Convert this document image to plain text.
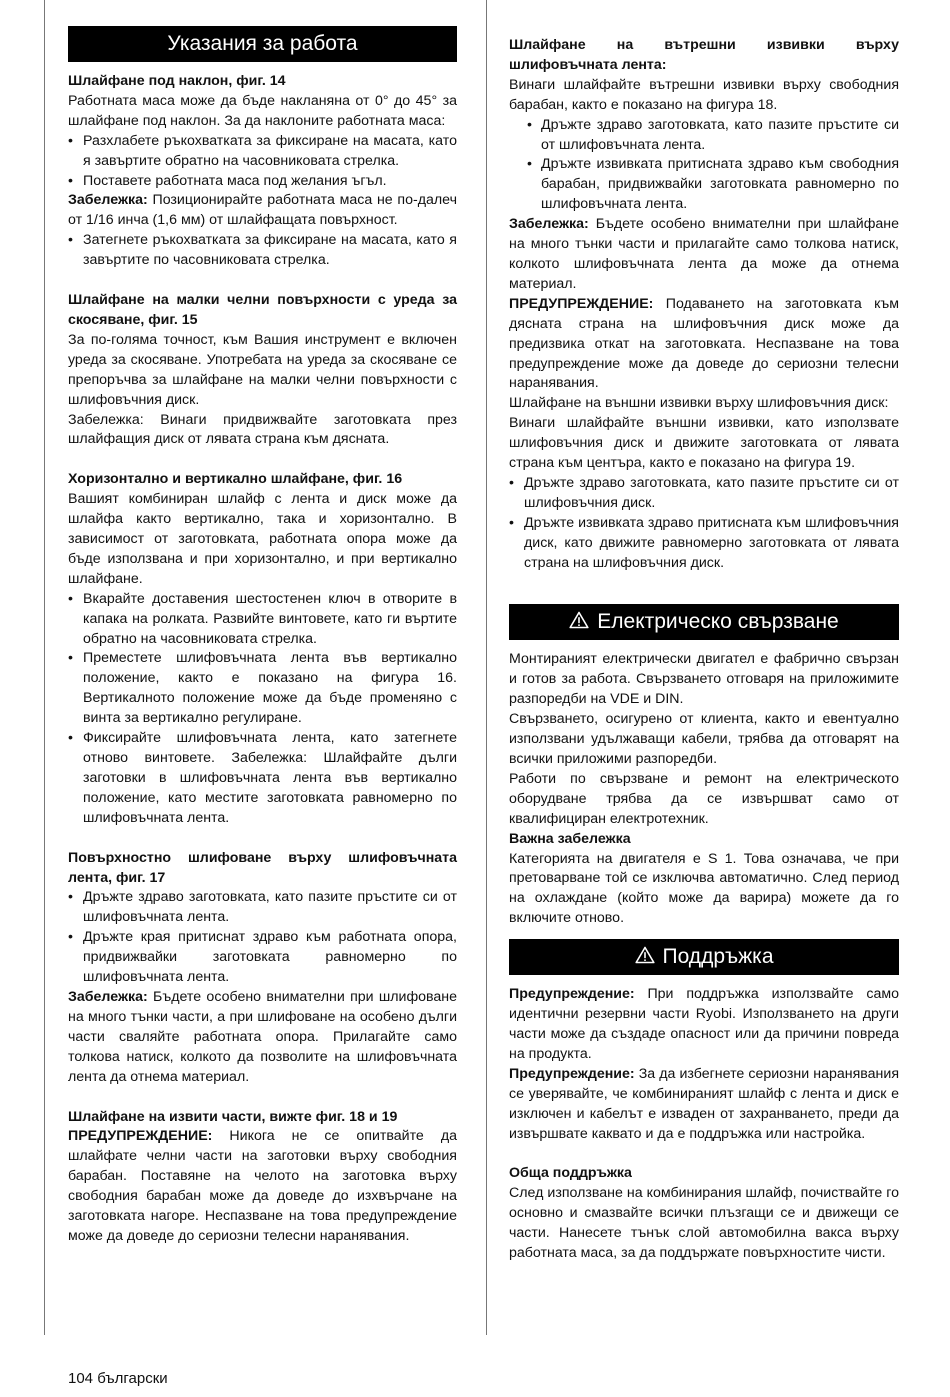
Указания за работа

Шлайфане под наклон, фиг. 14

Работната маса може да бъде накланяна от 0° до 45° за шлайфане под наклон. За да наклоните работната маса:

• Разхлабете ръкохватката за фиксиране на масата, като я завъртите обратно на часовниковата стрелка.
• Поставете работната маса под желания ъгъл.

Забележка: Позиционирайте работната маса не по-далеч от 1/16 инча (1,6 мм) от шлайфащата повърхност.

• Затегнете ръкохватката за фиксиране на масата, като я завъртите по часовниковата стрелка.

Шлайфане на малки челни повърхности с уреда за скосяване, фиг. 15

За по-голяма точност, към Вашия инструмент е включен уреда за скосяване. Употребата на уреда за скосяване се препоръчва за шлайфане на малки челни повърхности с шлифовъчния диск.

Забележка: Винаги придвижвайте заготовката през шлайфащия диск от лявата страна към дясната.

Хоризонтално и вертикално шлайфане, фиг. 16

Вашият комбиниран шлайф с лента и диск може да шлайфа както вертикално, така и хоризонтално. В зависимост от заготовката, работната опора може да бъде използвана и при хоризонтално, и при вертикално шлайфане.

• Вкарайте доставения шестостенен ключ в отворите в капака на ролката. Развийте винтовете, като ги въртите обратно на часовниковата стрелка.
• Преместете шлифовъчната лента във вертикално положение, както е показано на фигура 16. Вертикалното положение може да бъде променяно с винта за вертикално регулиране.
• Фиксирайте шлифовъчната лента, като затегнете отново винтовете. Забележка: Шлайфайте дълги заготовки в шлифовъчната лента във вертикално положение, като местите заготовката равномерно по шлифовъчната лента.

Повърхностно шлифоване върху шлифовъчната лента, фиг. 17

• Дръжте здраво заготовката, като пазите пръстите си от шлифовъчната лента.
• Дръжте края притиснат здраво към работната опора, придвижвайки заготовката равномерно по шлифовъчната лента.

Забележка: Бъдете особено внимателни при шлифоване на много тънки части, а при шлифоване на особено дълги части сваляйте работната опора. Прилагайте само толкова натиск, колкото да позволите на шлифовъчната лента да отнема материал.

Шлайфане на извити части, вижте фиг. 18 и 19

ПРЕДУПРЕЖДЕНИЕ: Никога не се опитвайте да шлайфате челни части на заготовки върху свободния барабан. Поставяне на челото на заготовка върху свободния барабан може да доведе до изхвърчане на заготовката нагоре. Неспазване на това предупреждение може да доведе до сериозни телесни наранявания.

Шлайфане на вътрешни извивки върху шлифовъчната лента:

Винаги шлайфайте вътрешни извивки върху свободния барабан, както е показано на фигура 18.

• Дръжте здраво заготовката, като пазите пръстите си от шлифовъчната лента.
• Дръжте извивката притисната здраво към свободния барабан, придвижвайки заготовката равномерно по шлифовъчната лента.

Забележка: Бъдете особено внимателни при шлайфане на много тънки части и прилагайте само толкова натиск, колкото шлифовъчната лента да може да отнема материал.

ПРЕДУПРЕЖДЕНИЕ: Подаването на заготовката към дясната страна на шлифовъчния диск може да предизвика откат на заготовката. Неспазване на това предупреждение може да доведе до сериозни телесни наранявания.

Шлайфане на външни извивки върху шлифовъчния диск:

Винаги шлайфайте външни извивки, като използвате шлифовъчния диск и движите заготовката от лявата страна към центъра, както е показано на фигура 19.

• Дръжте здраво заготовката, като пазите пръстите си от шлифовъчния диск.
• Дръжте извивката здраво притисната към шлифовъчния диск, като движите равномерно заготовката от лявата страна на шлифовъчния диск.
Електрическо свързване

Монтираният електрически двигател е фабрично свързан и готов за работа. Свързването отговаря на приложимите разпоредби на VDE и DIN.

Свързването, осигурено от клиента, както и евентуално използвани удължаващи кабели, трябва да отговарят на всички приложими разпоредби.

Работи по свързване и ремонт на електрическото оборудване трябва да се извършват само от квалифициран електротехник.

Важна забележка

Категорията на двигателя е S 1. Това означава, че при претоварване той се изключва автоматично. След период на охлаждане (който може да варира) можете да го включите отново.

Поддръжка

Предупреждение: При поддръжка използвайте само идентични резервни части Ryobi. Използването на други части може да създаде опасност или да причини повреда на продукта.

Предупреждение: За да избегнете сериозни наранявания се уверявайте, че комбинираният шлайф с лента и диск е изключен и кабелът е изваден от захранването, преди да извършвате каквато и да е поддръжка или настройка.

Обща поддръжка

След използване на комбинирания шлайф, почиствайте го основно и смазвайте всички плъзгащи се и движещи се части. Нанесете тънък слой автомобилна вакса върху работната маса, за да поддържате повърхностите чисти.

104 български
